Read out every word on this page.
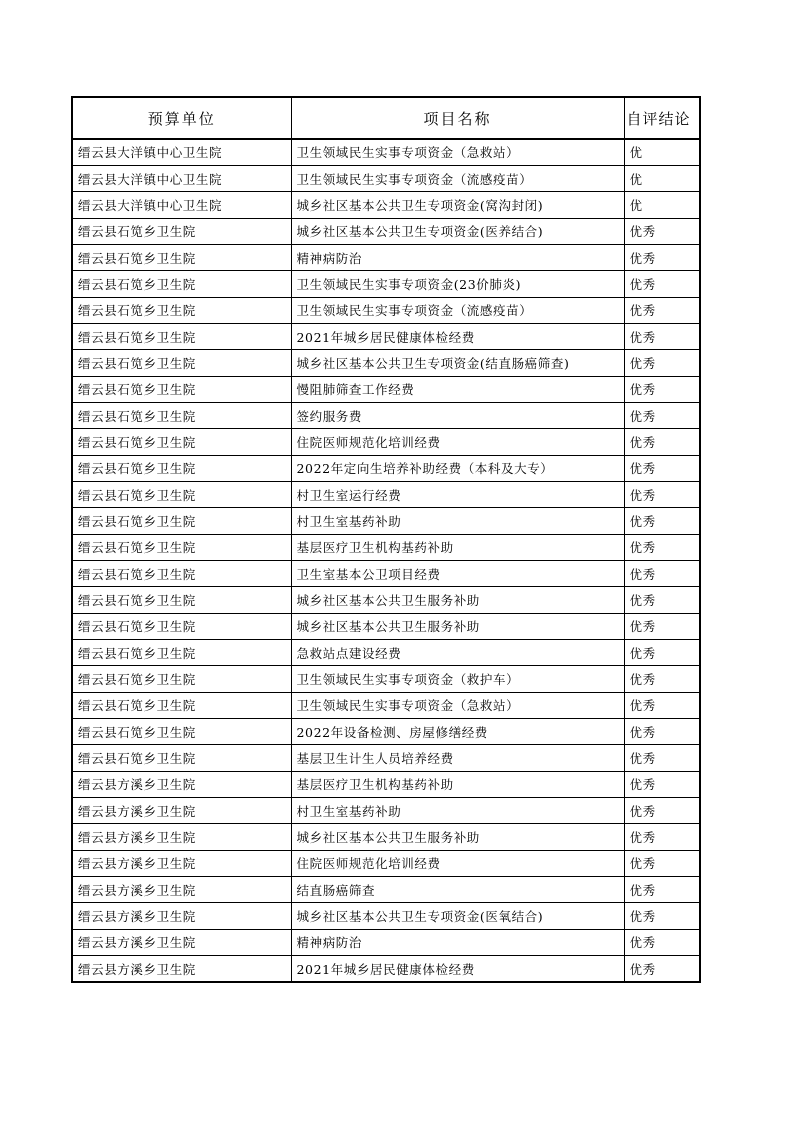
预算单位	项目名称	自评结论
缙云县大洋镇中心卫生院	卫生领域民生实事专项资金（急救站）	优
缙云县大洋镇中心卫生院	卫生领域民生实事专项资金（流感疫苗）	优
缙云县大洋镇中心卫生院	城乡社区基本公共卫生专项资金(窝沟封闭)	优
缙云县石笕乡卫生院	城乡社区基本公共卫生专项资金(医养结合)	优秀
缙云县石笕乡卫生院	精神病防治	优秀
缙云县石笕乡卫生院	卫生领域民生实事专项资金(23价肺炎)	优秀
缙云县石笕乡卫生院	卫生领域民生实事专项资金（流感疫苗）	优秀
缙云县石笕乡卫生院	2021年城乡居民健康体检经费	优秀
缙云县石笕乡卫生院	城乡社区基本公共卫生专项资金(结直肠癌筛查)	优秀
缙云县石笕乡卫生院	慢阻肺筛查工作经费	优秀
缙云县石笕乡卫生院	签约服务费	优秀
缙云县石笕乡卫生院	住院医师规范化培训经费	优秀
缙云县石笕乡卫生院	2022年定向生培养补助经费（本科及大专）	优秀
缙云县石笕乡卫生院	村卫生室运行经费	优秀
缙云县石笕乡卫生院	村卫生室基药补助	优秀
缙云县石笕乡卫生院	基层医疗卫生机构基药补助	优秀
缙云县石笕乡卫生院	卫生室基本公卫项目经费	优秀
缙云县石笕乡卫生院	城乡社区基本公共卫生服务补助	优秀
缙云县石笕乡卫生院	城乡社区基本公共卫生服务补助	优秀
缙云县石笕乡卫生院	急救站点建设经费	优秀
缙云县石笕乡卫生院	卫生领域民生实事专项资金（救护车）	优秀
缙云县石笕乡卫生院	卫生领域民生实事专项资金（急救站）	优秀
缙云县石笕乡卫生院	2022年设备检测、房屋修缮经费	优秀
缙云县石笕乡卫生院	基层卫生计生人员培养经费	优秀
缙云县方溪乡卫生院	基层医疗卫生机构基药补助	优秀
缙云县方溪乡卫生院	村卫生室基药补助	优秀
缙云县方溪乡卫生院	城乡社区基本公共卫生服务补助	优秀
缙云县方溪乡卫生院	住院医师规范化培训经费	优秀
缙云县方溪乡卫生院	结直肠癌筛查	优秀
缙云县方溪乡卫生院	城乡社区基本公共卫生专项资金(医氧结合)	优秀
缙云县方溪乡卫生院	精神病防治	优秀
缙云县方溪乡卫生院	2021年城乡居民健康体检经费	优秀
